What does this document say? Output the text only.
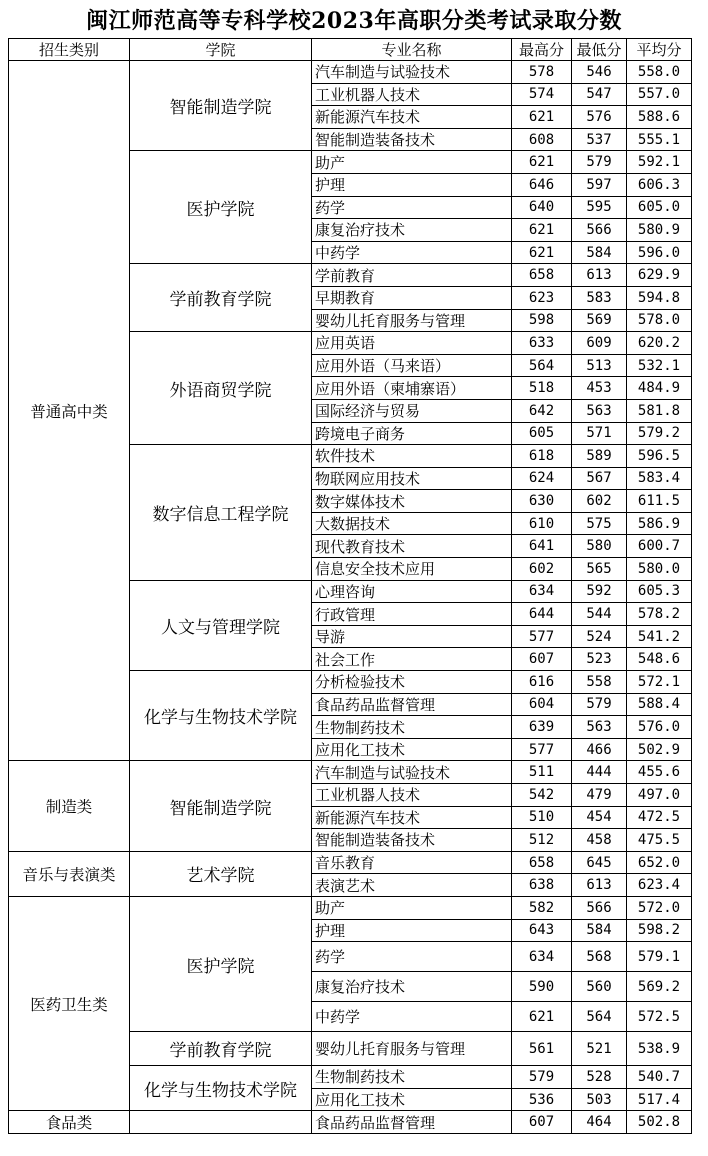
闽江师范高等专科学校2023年高职分类考试录取分数
招生类别	学院	专业名称	最高分	最低分	平均分
普通高中类	智能制造学院	汽车制造与试验技术	578	546	558.0
		工业机器人技术	574	547	557.0
		新能源汽车技术	621	576	588.6
		智能制造装备技术	608	537	555.1
	医护学院	助产	621	579	592.1
		护理	646	597	606.3
		药学	640	595	605.0
		康复治疗技术	621	566	580.9
		中药学	621	584	596.0
	学前教育学院	学前教育	658	613	629.9
		早期教育	623	583	594.8
		婴幼儿托育服务与管理	598	569	578.0
	外语商贸学院	应用英语	633	609	620.2
		应用外语（马来语）	564	513	532.1
		应用外语（柬埔寨语）	518	453	484.9
		国际经济与贸易	642	563	581.8
		跨境电子商务	605	571	579.2
	数字信息工程学院	软件技术	618	589	596.5
		物联网应用技术	624	567	583.4
		数字媒体技术	630	602	611.5
		大数据技术	610	575	586.9
		现代教育技术	641	580	600.7
		信息安全技术应用	602	565	580.0
	人文与管理学院	心理咨询	634	592	605.3
		行政管理	644	544	578.2
		导游	577	524	541.2
		社会工作	607	523	548.6
	化学与生物技术学院	分析检验技术	616	558	572.1
		食品药品监督管理	604	579	588.4
		生物制药技术	639	563	576.0
		应用化工技术	577	466	502.9
制造类	智能制造学院	汽车制造与试验技术	511	444	455.6
		工业机器人技术	542	479	497.0
		新能源汽车技术	510	454	472.5
		智能制造装备技术	512	458	475.5
音乐与表演类	艺术学院	音乐教育	658	645	652.0
		表演艺术	638	613	623.4
医药卫生类	医护学院	助产	582	566	572.0
		护理	643	584	598.2
		药学	634	568	579.1
		康复治疗技术	590	560	569.2
		中药学	621	564	572.5
	学前教育学院	婴幼儿托育服务与管理	561	521	538.9
	化学与生物技术学院	生物制药技术	579	528	540.7
		应用化工技术	536	503	517.4
食品类		食品药品监督管理	607	464	502.8
